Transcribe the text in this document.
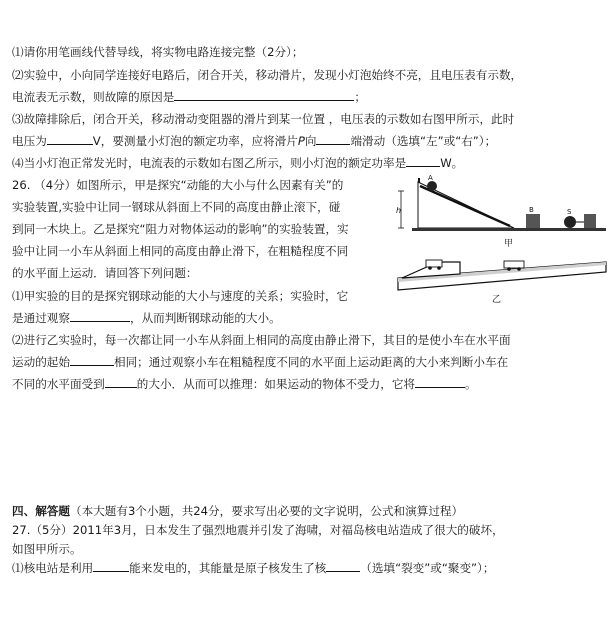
⑴请你用笔画线代替导线，将实物电路连接完整（2分）；
⑵实验中，小向同学连接好电路后，闭合开关，移动滑片，发现小灯泡始终不亮，且电压表有示数，
电流表无示数，则故障的原因是	；
⑶故障排除后，闭合开关，移动滑动变阻器的滑片到某一位置 ，电压表的示数如右图甲所示，此时
电压为	V，要测量小灯泡的额定功率，应将滑片P向	端滑动（选填“左”或“右”）；
⑷当小灯泡正常发光时，电流表的示数如右图乙所示，则小灯泡的额定功率是	W。
26. （4分）如图所示，甲是探究“动能的大小与什么因素有关”的
实验装置,实验中让同一钢球从斜面上不同的高度由静止滚下，碰
到同一木块上。乙是探究“阻力对物体运动的影响”的实验装置，实
验中让同一小车从斜面上相同的高度由静止滑下，在粗糙程度不同
的水平面上运动．请回答下列问题：
⑴甲实验的目的是探究钢球动能的大小与速度的关系；实验时，它
是通过观察	，从而判断钢球动能的大小。
⑵进行乙实验时，每一次都让同一小车从斜面上相同的高度由静止滑下，其目的是使小车在水平面
运动的起始	相同；通过观察小车在粗糙程度不同的水平面上运动距离的大小来判断小车在
不同的水平面受到	的大小．从而可以推理：如果运动的物体不受力，它将	。
A
h	B	S
甲
乙
四、解答题（本大题有3个小题，共24分，要求写出必要的文字说明，公式和演算过程）
27.（5分）2011年3月，日本发生了强烈地震并引发了海啸，对福岛核电站造成了很大的破坏，
如图甲所示。
⑴核电站是利用	能来发电的，其能量是原子核发生了核	（选填“裂变”或“聚变”）；
